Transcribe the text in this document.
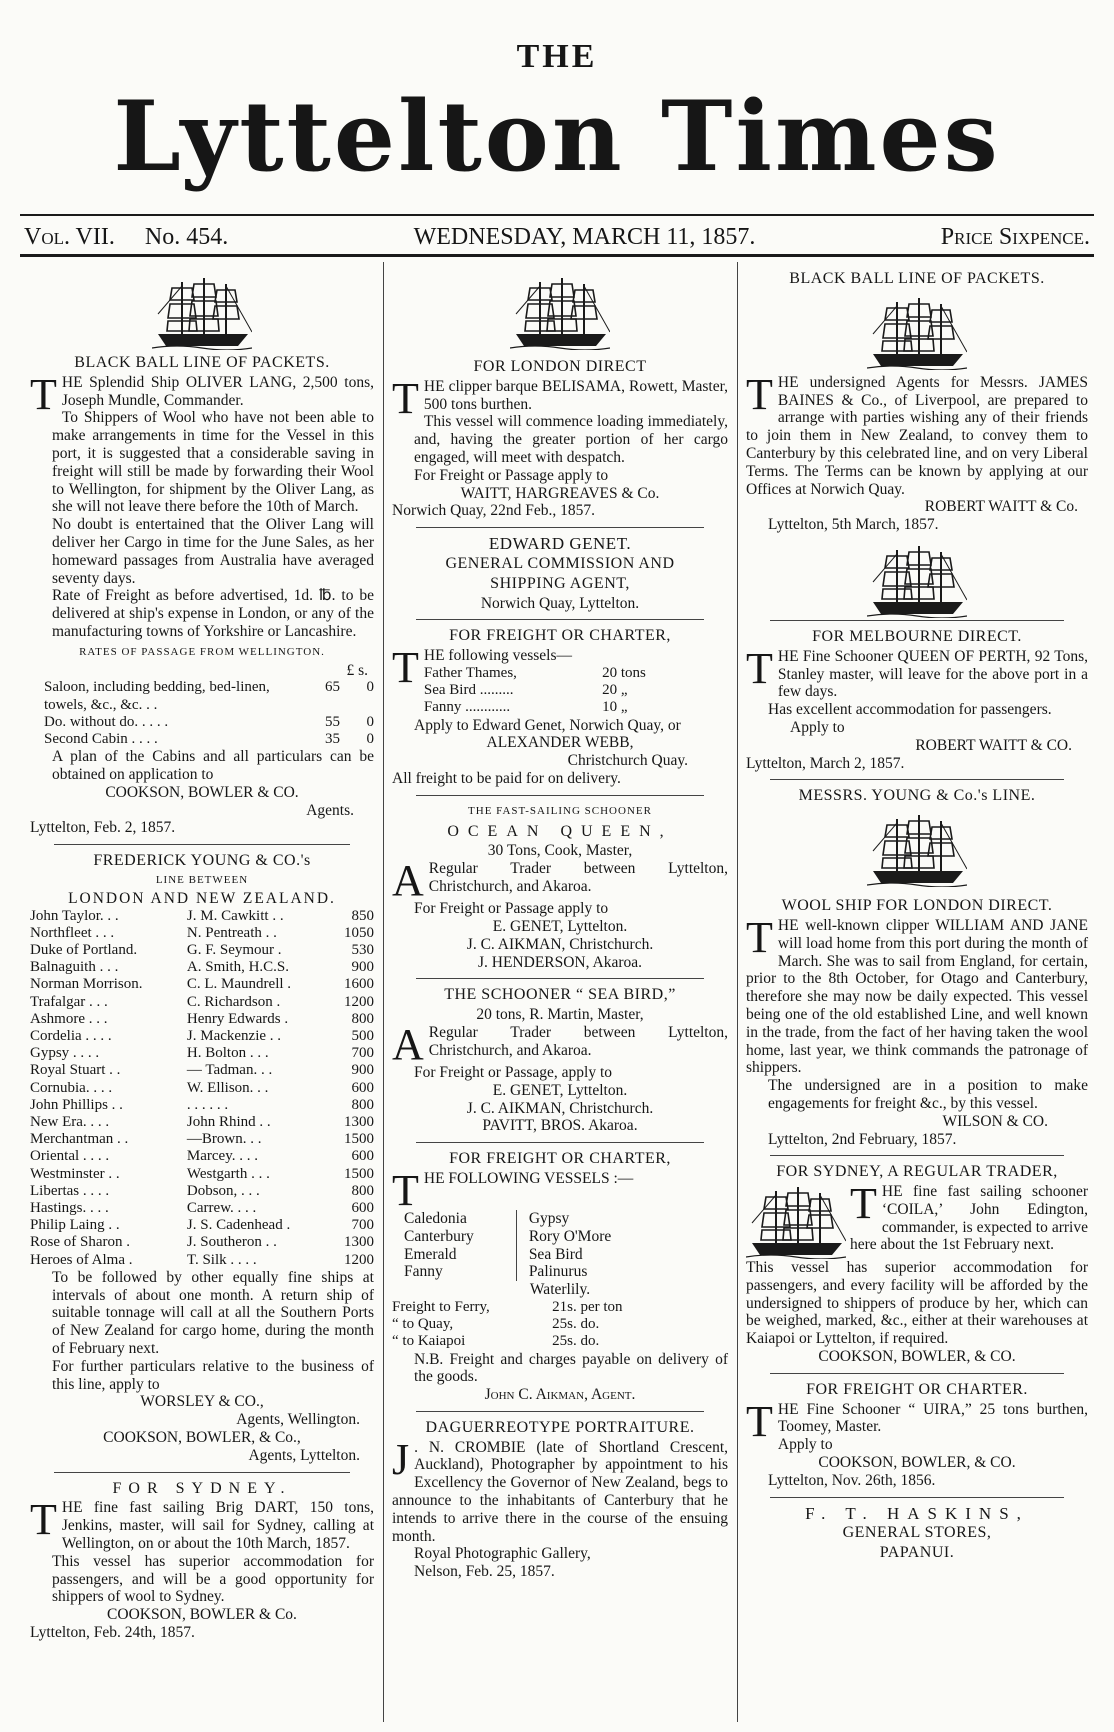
THE
Lyttelton Times
Vol. VII. No. 454.	WEDNESDAY, MARCH 11, 1857.	Price Sixpence.
BLACK BALL LINE OF PACKETS.

THE Splendid Ship OLIVER LANG, 2,500 tons, Joseph Mundle, Commander.

To Shippers of Wool who have not been able to make arrangements in time for the Vessel in this port, it is suggested that a considerable saving in freight will still be made by forwarding their Wool to Wellington, for shipment by the Oliver Lang, as she will not leave there before the 10th of March.

No doubt is entertained that the Oliver Lang will deliver her Cargo in time for the June Sales, as her homeward passages from Australia have averaged seventy days.

Rate of Freight as before advertised, 1d. ℔. to be delivered at ship's expense in London, or any of the manufacturing towns of Yorkshire or Lancashire.

RATES OF PASSAGE FROM WELLINGTON.
£ s.
Saloon, including bedding, bed-linen, towels, &c., &c. . .	65	0
Do. without do. . . . .	55	0
Second Cabin . . . .	35	0

A plan of the Cabins and all particulars can be obtained on application to

COOKSON, BOWLER & CO.

Agents.

Lyttelton, Feb. 2, 1857.

FREDERICK YOUNG & CO.'s
LINE BETWEEN
LONDON AND NEW ZEALAND.
John Taylor. . .	J. M. Cawkitt . .	850
Northfleet . . .	N. Pentreath . .	1050
Duke of Portland.	G. F. Seymour .	530
Balnaguith . . .	A. Smith, H.C.S.	900
Norman Morrison.	C. L. Maundrell .	1600
Trafalgar . . .	C. Richardson .	1200
Ashmore . . .	Henry Edwards .	800
Cordelia . . . .	J. Mackenzie . .	500
Gypsy . . . .	H. Bolton . . .	700
Royal Stuart . .	— Tadman. . .	900
Cornubia. . . .	W. Ellison. . .	600
John Phillips . .	. . . . . .	800
New Era. . . .	John Rhind . .	1300
Merchantman . .	—Brown. . .	1500
Oriental . . . .	Marcey. . . .	600
Westminster . .	Westgarth . . .	1500
Libertas . . . .	Dobson, . . .	800
Hastings. . . .	Carrew. . . .	600
Philip Laing . .	J. S. Cadenhead .	700
Rose of Sharon .	J. Southeron . .	1300
Heroes of Alma .	T. Silk . . . .	1200

To be followed by other equally fine ships at intervals of about one month. A return ship of suitable tonnage will call at all the Southern Ports of New Zealand for cargo home, during the month of February next.

For further particulars relative to the business of this line, apply to

WORSLEY & CO.,

Agents, Wellington.

COOKSON, BOWLER, & Co.,

Agents, Lyttelton.

FOR SYDNEY.

THE fine fast sailing Brig DART, 150 tons, Jenkins, master, will sail for Sydney, calling at Wellington, on or about the 10th March, 1857.

This vessel has superior accommodation for passengers, and will be a good opportunity for shippers of wool to Sydney.

COOKSON, BOWLER & Co.

Lyttelton, Feb. 24th, 1857.

FOR LONDON DIRECT

THE clipper barque BELISAMA, Rowett, Master, 500 tons burthen.

This vessel will commence loading immediately, and, having the greater portion of her cargo engaged, will meet with despatch.

For Freight or Passage apply to

WAITT, HARGREAVES & Co.

Norwich Quay, 22nd Feb., 1857.

EDWARD GENET.
GENERAL COMMISSION AND
SHIPPING AGENT,

Norwich Quay, Lyttelton.

FOR FREIGHT OR CHARTER,

THE following vessels—

Father Thames,	20 tons
Sea Bird .........	20 „
Fanny ............	10 „

Apply to Edward Genet, Norwich Quay, or

ALEXANDER WEBB,

Christchurch Quay.

All freight to be paid for on delivery.

THE FAST-SAILING SCHOONER
OCEAN QUEEN,

30 Tons, Cook, Master,

A Regular Trader between Lyttelton, Christchurch, and Akaroa.

For Freight or Passage apply to

E. GENET, Lyttelton.

J. C. AIKMAN, Christchurch.

J. HENDERSON, Akaroa.

THE SCHOONER “ SEA BIRD,”

20 tons, R. Martin, Master,

A Regular Trader between Lyttelton, Christchurch, and Akaroa.

For Freight or Passage, apply to

E. GENET, Lyttelton.

J. C. AIKMAN, Christchurch.

PAVITT, BROS. Akaroa.

FOR FREIGHT OR CHARTER,

THE FOLLOWING VESSELS :—

Caledonia
Canterbury
Emerald
Fanny
Gypsy
Rory O'More
Sea Bird
Palinurus

Waterlily.

Freight to Ferry,	21s. per ton
“ to Quay,	25s. do.
“ to Kaiapoi	25s. do.

N.B. Freight and charges payable on delivery of the goods.

John C. Aikman, Agent.

DAGUERREOTYPE PORTRAITURE.

J . N. CROMBIE (late of Shortland Crescent, Auckland), Photographer by appointment to his Excellency the Governor of New Zealand, begs to announce to the inhabitants of Canterbury that he intends to arrive there in the course of the ensuing month.

Royal Photographic Gallery,

Nelson, Feb. 25, 1857.

BLACK BALL LINE OF PACKETS.

THE undersigned Agents for Messrs. JAMES BAINES & Co., of Liverpool, are prepared to arrange with parties wishing any of their friends to join them in New Zealand, to convey them to Canterbury by this celebrated line, and on very Liberal Terms. The Terms can be known by applying at our Offices at Norwich Quay.

ROBERT WAITT & Co.

Lyttelton, 5th March, 1857.

FOR MELBOURNE DIRECT.

THE Fine Schooner QUEEN OF PERTH, 92 Tons, Stanley master, will leave for the above port in a few days.

Has excellent accommodation for passengers.

Apply to

ROBERT WAITT & CO.

Lyttelton, March 2, 1857.

MESSRS. YOUNG & Co.'s LINE.
WOOL SHIP FOR LONDON DIRECT.

THE well-known clipper WILLIAM AND JANE will load home from this port during the month of March. She was to sail from England, for certain, prior to the 8th October, for Otago and Canterbury, therefore she may now be daily expected. This vessel being one of the old established Line, and well known in the trade, from the fact of her having taken the wool home, last year, we think commands the patronage of shippers.

The undersigned are in a position to make engagements for freight &c., by this vessel.

WILSON & CO.

Lyttelton, 2nd February, 1857.

FOR SYDNEY, A REGULAR TRADER,

THE fine fast sailing schooner ‘COILA,’ John Edington, commander, is expected to arrive here about the 1st February next.

This vessel has superior accommodation for passengers, and every facility will be afforded by the undersigned to shippers of produce by her, which can be weighed, marked, &c., either at their warehouses at Kaiapoi or Lyttelton, if required.

COOKSON, BOWLER, & CO.

FOR FREIGHT OR CHARTER.

THE Fine Schooner “ UIRA,” 25 tons burthen, Toomey, Master.

Apply to

COOKSON, BOWLER, & CO.

Lyttelton, Nov. 26th, 1856.

F. T. HASKINS,
GENERAL STORES,
PAPANUI.
